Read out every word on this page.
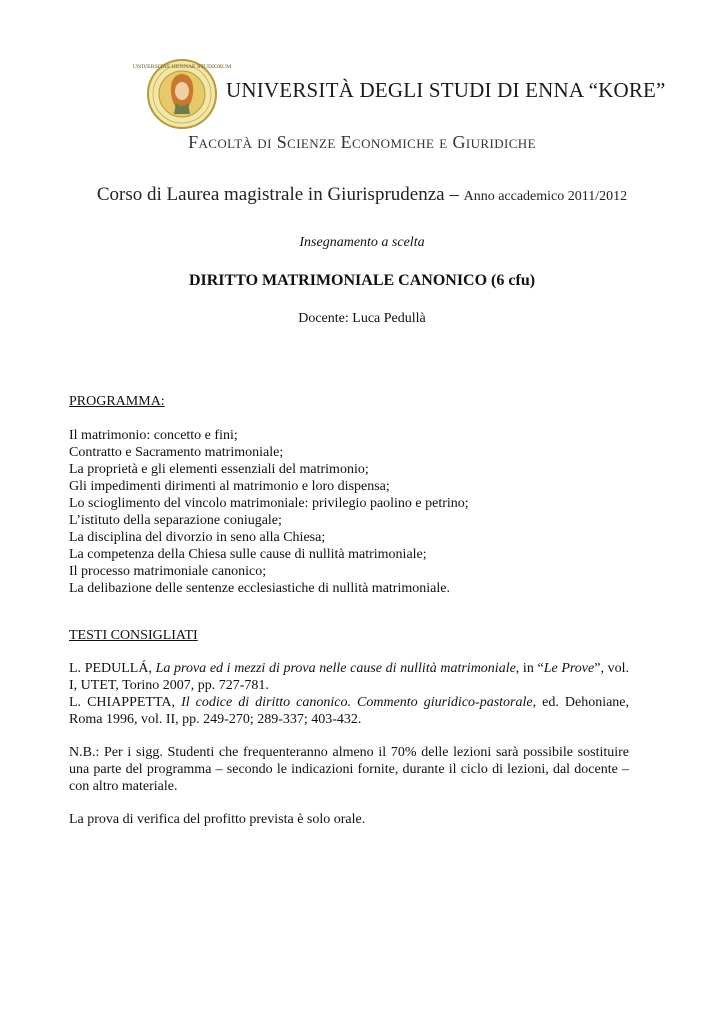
UNIVERSITAS HENNAE STUDIORUM
UNIVERSITÀ DEGLI STUDI DI ENNA “KORE”
Facoltà di Scienze Economiche e Giuridiche
Corso di Laurea magistrale in Giurisprudenza – Anno accademico 2011/2012
Insegnamento a scelta
DIRITTO MATRIMONIALE CANONICO (6 cfu)
Docente: Luca Pedullà
PROGRAMMA:
Il matrimonio: concetto e fini;
Contratto e Sacramento matrimoniale;
La proprietà e gli elementi essenziali del matrimonio;
Gli impedimenti dirimenti al matrimonio e loro dispensa;
Lo scioglimento del vincolo matrimoniale: privilegio paolino e petrino;
L’istituto della separazione coniugale;
La disciplina del divorzio in seno alla Chiesa;
La competenza della Chiesa sulle cause di nullità matrimoniale;
Il processo matrimoniale canonico;
La delibazione delle sentenze ecclesiastiche di nullità matrimoniale.
TESTI CONSIGLIATI
L. PEDULLÁ, La prova ed i mezzi di prova nelle cause di nullità matrimoniale, in “Le Prove”, vol. I, UTET, Torino 2007, pp. 727-781.
L. CHIAPPETTA, Il codice di diritto canonico. Commento giuridico-pastorale, ed. Dehoniane, Roma 1996, vol. II, pp. 249-270; 289-337; 403-432.
N.B.: Per i sigg. Studenti che frequenteranno almeno il 70% delle lezioni sarà possibile sostituire una parte del programma – secondo le indicazioni fornite, durante il ciclo di lezioni, dal docente – con altro materiale.
La prova di verifica del profitto prevista è solo orale.
